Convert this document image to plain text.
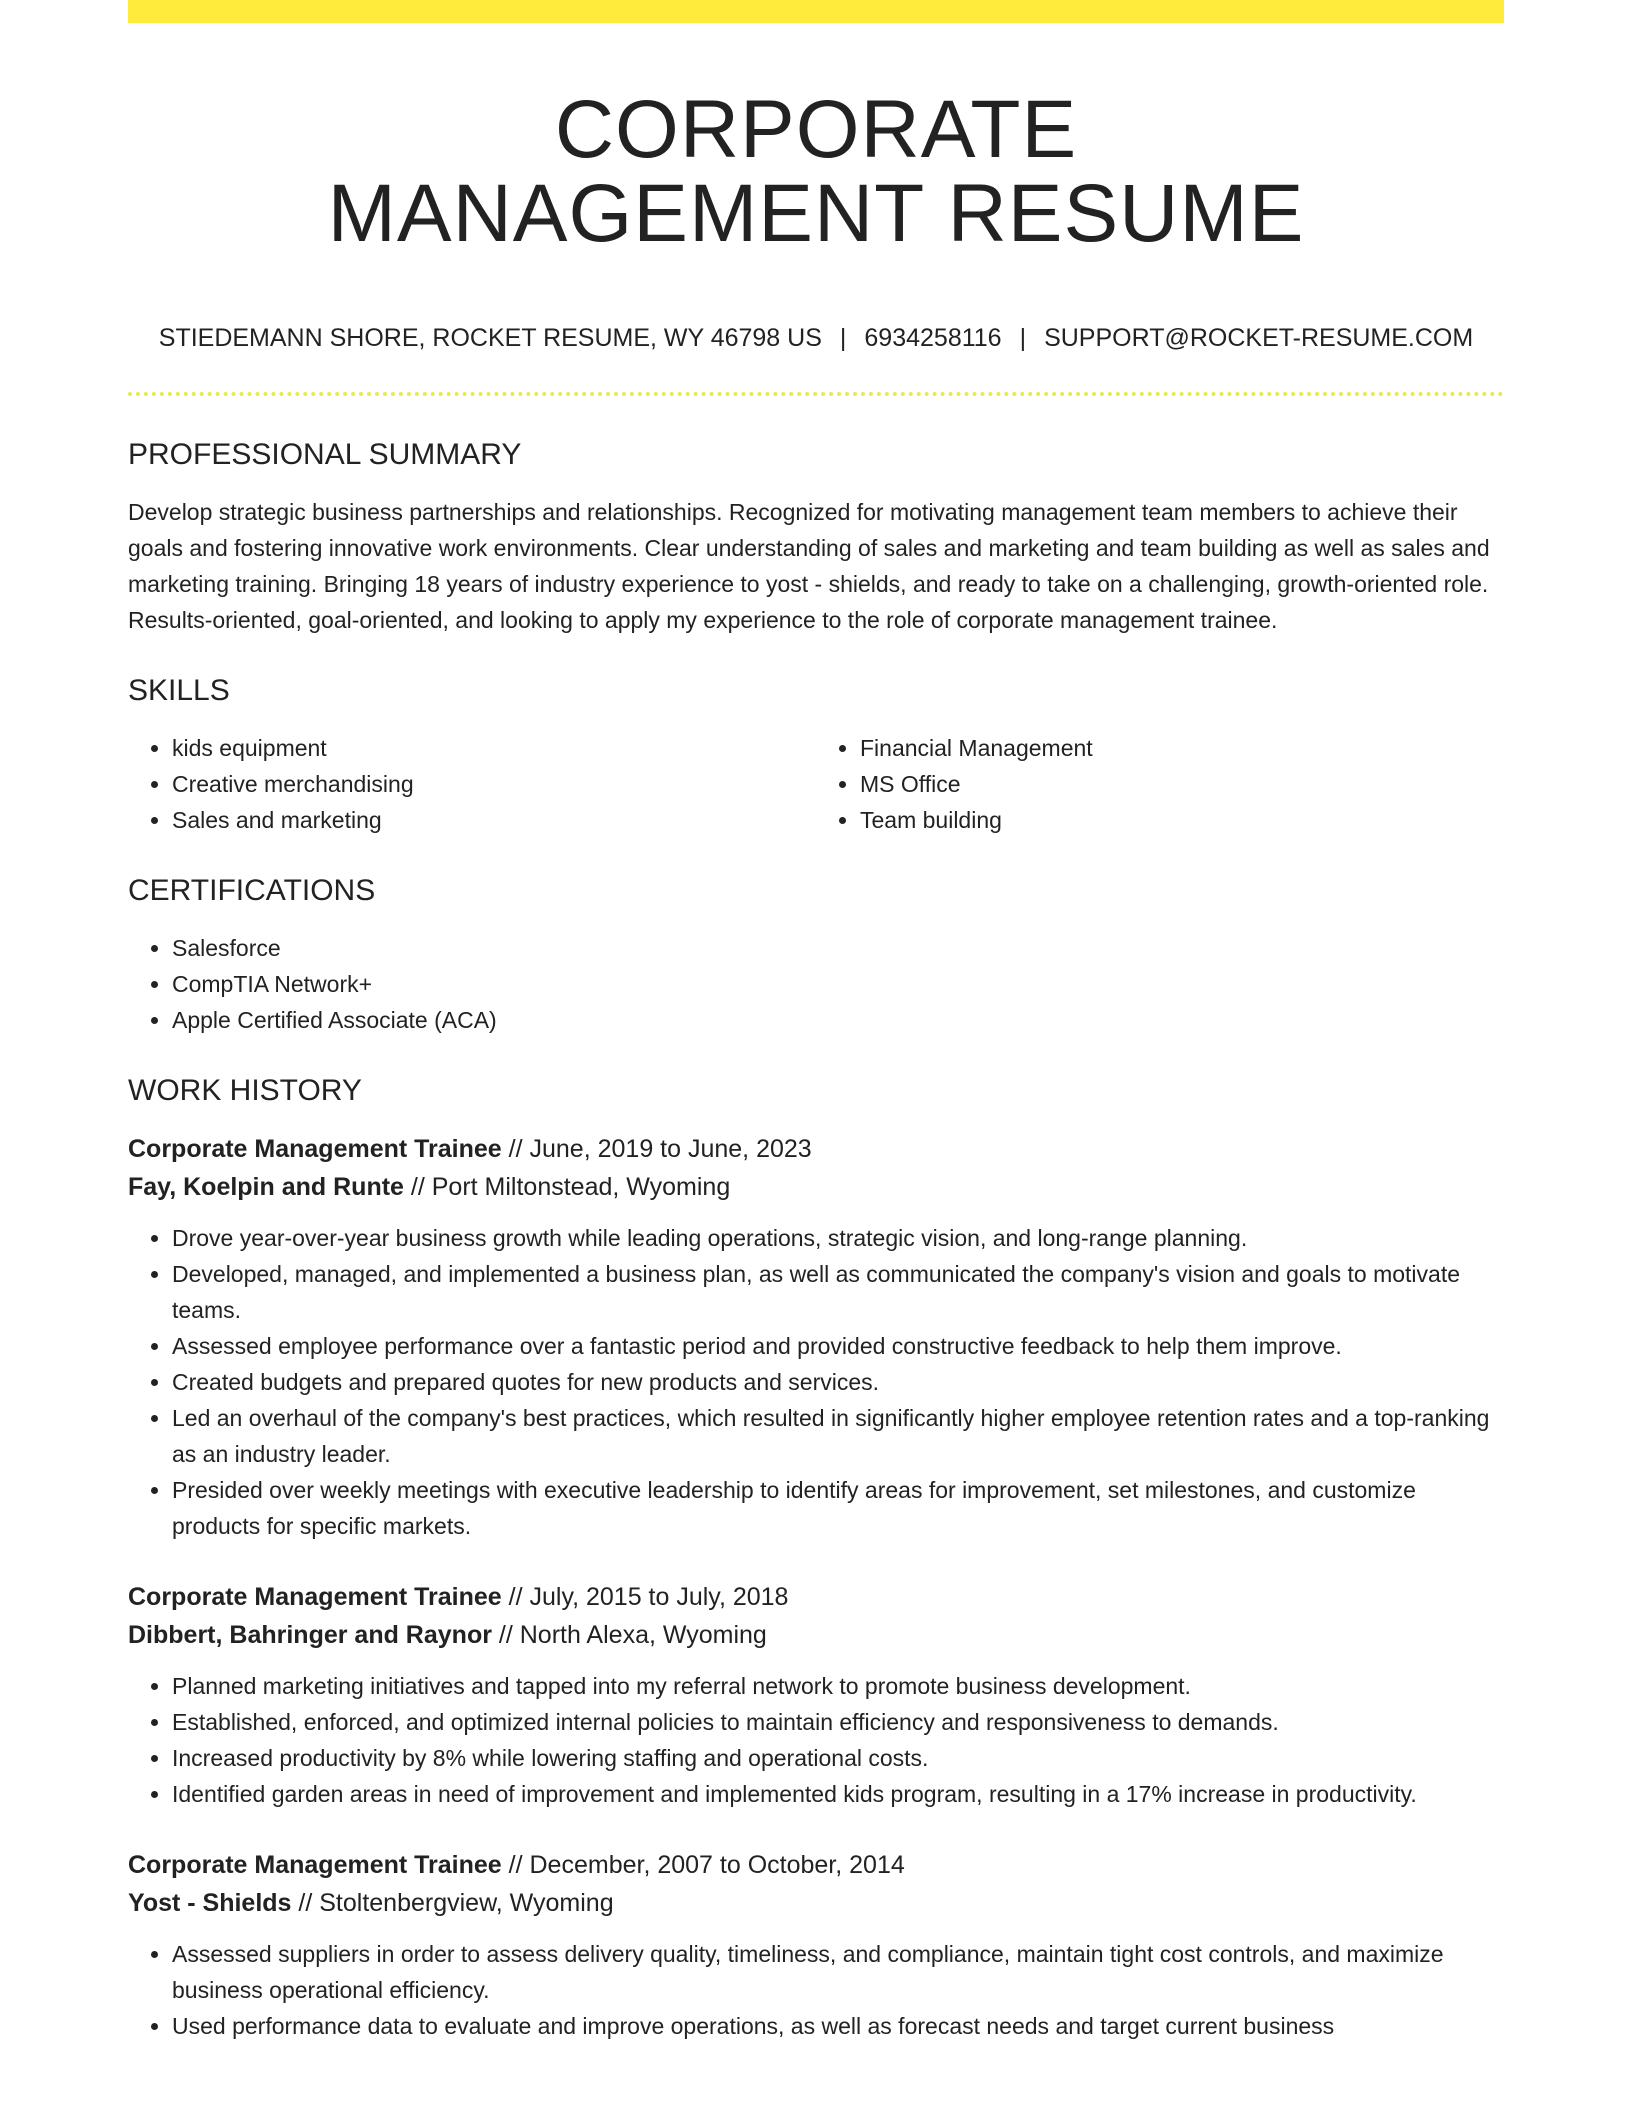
CORPORATE
MANAGEMENT RESUME
STIEDEMANN SHORE, ROCKET RESUME, WY 46798 US | 6934258116 | SUPPORT@ROCKET-RESUME.COM
PROFESSIONAL SUMMARY

Develop strategic business partnerships and relationships. Recognized for motivating management team members to achieve their goals and fostering innovative work environments. Clear understanding of sales and marketing and team building as well as sales and marketing training. Bringing 18 years of industry experience to yost - shields, and ready to take on a challenging, growth-oriented role. Results-oriented, goal-oriented, and looking to apply my experience to the role of corporate management trainee.

SKILLS
• kids equipment
• Creative merchandising
• Sales and marketing
• Financial Management
• MS Office
• Team building
CERTIFICATIONS
• Salesforce
• CompTIA Network+
• Apple Certified Associate (ACA)
WORK HISTORY
Corporate Management Trainee // June, 2019 to June, 2023
Fay, Koelpin and Runte // Port Miltonstead, Wyoming
• Drove year-over-year business growth while leading operations, strategic vision, and long-range planning.
• Developed, managed, and implemented a business plan, as well as communicated the company's vision and goals to motivate teams.
• Assessed employee performance over a fantastic period and provided constructive feedback to help them improve.
• Created budgets and prepared quotes for new products and services.
• Led an overhaul of the company's best practices, which resulted in significantly higher employee retention rates and a top-ranking as an industry leader.
• Presided over weekly meetings with executive leadership to identify areas for improvement, set milestones, and customize products for specific markets.
Corporate Management Trainee // July, 2015 to July, 2018
Dibbert, Bahringer and Raynor // North Alexa, Wyoming
• Planned marketing initiatives and tapped into my referral network to promote business development.
• Established, enforced, and optimized internal policies to maintain efficiency and responsiveness to demands.
• Increased productivity by 8% while lowering staffing and operational costs.
• Identified garden areas in need of improvement and implemented kids program, resulting in a 17% increase in productivity.
Corporate Management Trainee // December, 2007 to October, 2014
Yost - Shields // Stoltenbergview, Wyoming
• Assessed suppliers in order to assess delivery quality, timeliness, and compliance, maintain tight cost controls, and maximize business operational efficiency.
• Used performance data to evaluate and improve operations, as well as forecast needs and target current business
